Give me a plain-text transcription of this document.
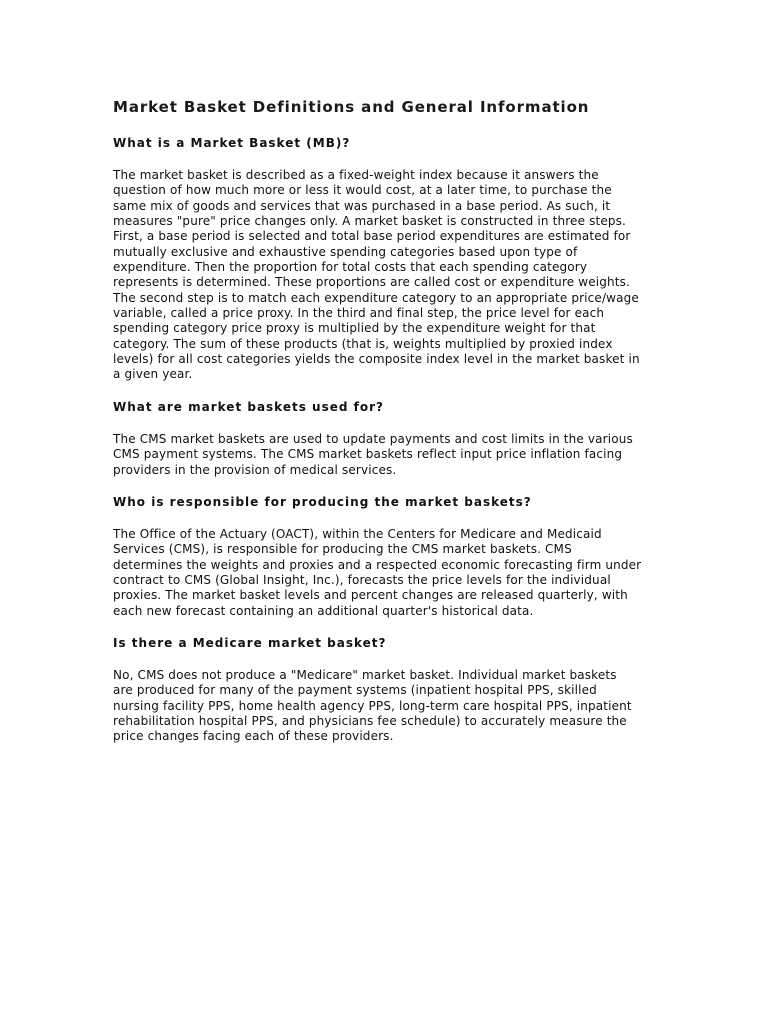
Market Basket Definitions and General Information
What is a Market Basket (MB)?
The market basket is described as a fixed-weight index because it answers the
question of how much more or less it would cost, at a later time, to purchase the
same mix of goods and services that was purchased in a base period. As such, it
measures "pure" price changes only. A market basket is constructed in three steps.
First, a base period is selected and total base period expenditures are estimated for
mutually exclusive and exhaustive spending categories based upon type of
expenditure. Then the proportion for total costs that each spending category
represents is determined. These proportions are called cost or expenditure weights.
The second step is to match each expenditure category to an appropriate price/wage
variable, called a price proxy. In the third and final step, the price level for each
spending category price proxy is multiplied by the expenditure weight for that
category. The sum of these products (that is, weights multiplied by proxied index
levels) for all cost categories yields the composite index level in the market basket in
a given year.
What are market baskets used for?
The CMS market baskets are used to update payments and cost limits in the various
CMS payment systems. The CMS market baskets reflect input price inflation facing
providers in the provision of medical services.
Who is responsible for producing the market baskets?
The Office of the Actuary (OACT), within the Centers for Medicare and Medicaid
Services (CMS), is responsible for producing the CMS market baskets. CMS
determines the weights and proxies and a respected economic forecasting firm under
contract to CMS (Global Insight, Inc.), forecasts the price levels for the individual
proxies. The market basket levels and percent changes are released quarterly, with
each new forecast containing an additional quarter's historical data.
Is there a Medicare market basket?
No, CMS does not produce a "Medicare" market basket. Individual market baskets
are produced for many of the payment systems (inpatient hospital PPS, skilled
nursing facility PPS, home health agency PPS, long-term care hospital PPS, inpatient
rehabilitation hospital PPS, and physicians fee schedule) to accurately measure the
price changes facing each of these providers.
